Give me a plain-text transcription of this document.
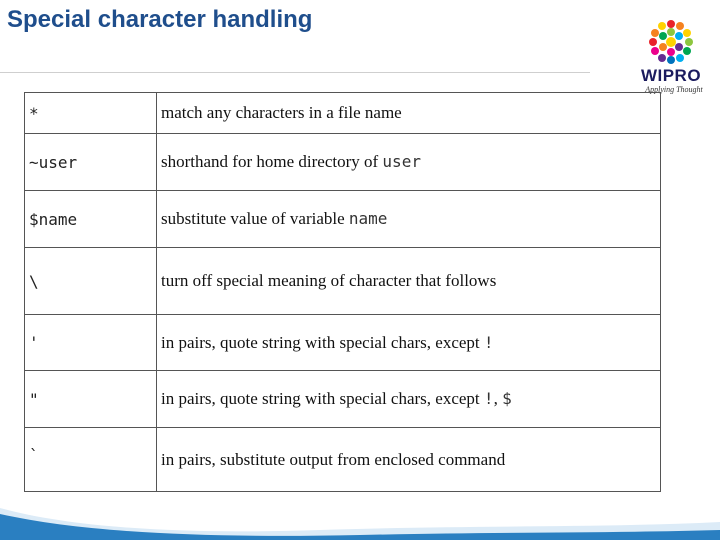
Special character handling
WIPRO
Applying Thought
*	match any characters in a file name
~user	shorthand for home directory of user
$name	substitute value of variable name
\	turn off special meaning of character that follows
'	in pairs, quote string with special chars, except !
"	in pairs, quote string with special chars, except !, $
`	in pairs, substitute output from enclosed command
